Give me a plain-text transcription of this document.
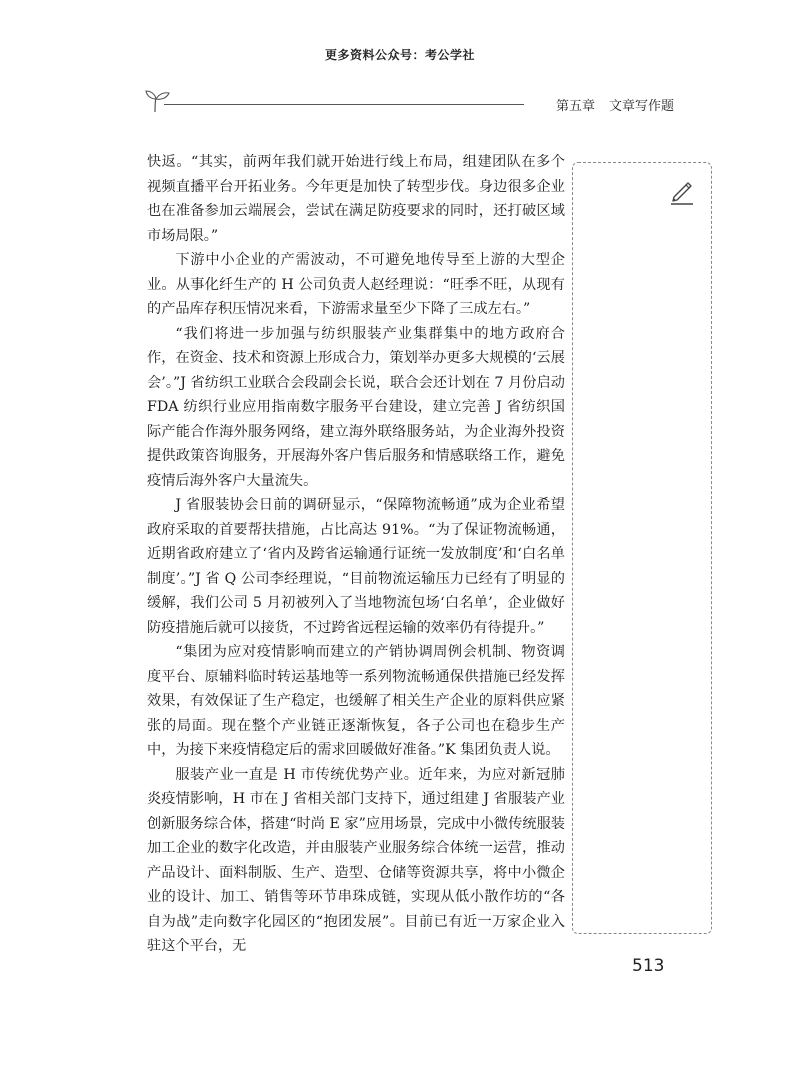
更多资料公众号：考公学社
第五章 文章写作题

快返。“其实，前两年我们就开始进行线上布局，组建团队在多个视频直播平台开拓业务。今年更是加快了转型步伐。身边很多企业也在准备参加云端展会，尝试在满足防疫要求的同时，还打破区域市场局限。”

下游中小企业的产需波动，不可避免地传导至上游的大型企业。从事化纤生产的 H 公司负责人赵经理说：“旺季不旺，从现有的产品库存积压情况来看，下游需求量至少下降了三成左右。”

“我们将进一步加强与纺织服装产业集群集中的地方政府合作，在资金、技术和资源上形成合力，策划举办更多大规模的‘云展会’。”J 省纺织工业联合会段副会长说，联合会还计划在 7 月份启动 FDA 纺织行业应用指南数字服务平台建设，建立完善 J 省纺织国际产能合作海外服务网络，建立海外联络服务站，为企业海外投资提供政策咨询服务，开展海外客户售后服务和情感联络工作，避免疫情后海外客户大量流失。

J 省服装协会日前的调研显示，“保障物流畅通”成为企业希望政府采取的首要帮扶措施，占比高达 91%。“为了保证物流畅通，近期省政府建立了‘省内及跨省运输通行证统一发放制度’和‘白名单制度’。”J 省 Q 公司李经理说，“目前物流运输压力已经有了明显的缓解，我们公司 5 月初被列入了当地物流包场‘白名单’，企业做好防疫措施后就可以接货，不过跨省远程运输的效率仍有待提升。”

“集团为应对疫情影响而建立的产销协调周例会机制、物资调度平台、原辅料临时转运基地等一系列物流畅通保供措施已经发挥效果，有效保证了生产稳定，也缓解了相关生产企业的原料供应紧张的局面。现在整个产业链正逐渐恢复，各子公司也在稳步生产中，为接下来疫情稳定后的需求回暖做好准备。”K 集团负责人说。

服装产业一直是 H 市传统优势产业。近年来，为应对新冠肺炎疫情影响，H 市在 J 省相关部门支持下，通过组建 J 省服装产业创新服务综合体，搭建“时尚 E 家”应用场景，完成中小微传统服装加工企业的数字化改造，并由服装产业服务综合体统一运营，推动产品设计、面料制版、生产、造型、仓储等资源共享，将中小微企业的设计、加工、销售等环节串珠成链，实现从低小散作坊的“各自为战”走向数字化园区的“抱团发展”。目前已有近一万家企业入驻这个平台，无

513
